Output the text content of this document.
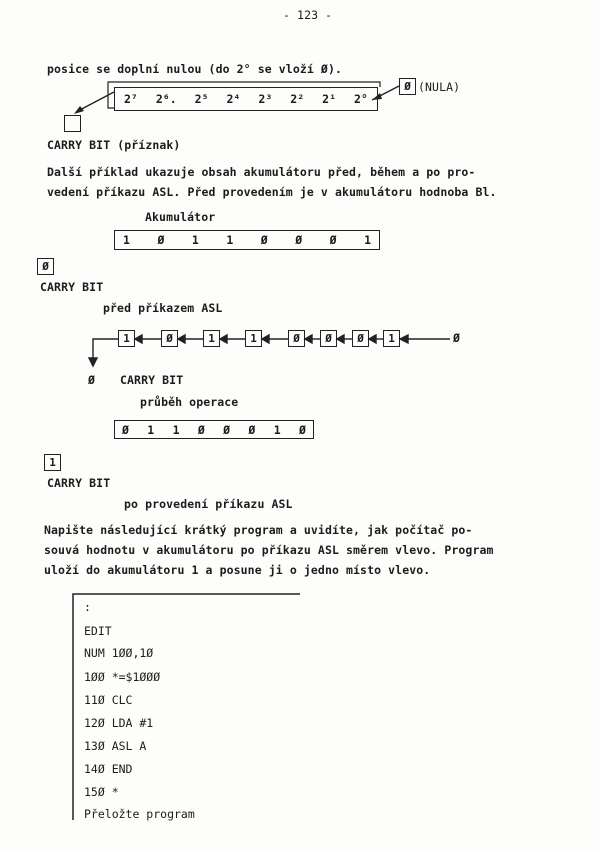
- 123 -
posice se doplní nulou (do 2° se vloží Ø).
2⁷ 2⁶. 2⁵ 2⁴ 2³ 2² 2¹ 2°
Ø (NULA)
CARRY BIT (příznak)
Další příklad ukazuje obsah akumulátoru před, během a po pro-
vedení příkazu ASL. Před provedením je v akumulátoru hodnoba Bl.
Akumulátor
1 Ø 1 1 Ø Ø Ø 1
Ø
CARRY BIT
před příkazem ASL
1	Ø	1	1	Ø	Ø	Ø	1	Ø
Ø CARRY BIT
průběh operace
Ø 1 1 Ø Ø Ø 1 Ø
1
CARRY BIT
po provedení příkazu ASL
Napište následující krátký program a uvidíte, jak počítač po-
souvá hodnotu v akumulátoru po příkazu ASL směrem vlevo. Program
uloží do akumulátoru 1 a posune ji o jedno místo vlevo.
:
EDIT
NUM 1ØØ,1Ø
1ØØ *=$1ØØØ
11Ø CLC
12Ø LDA #1
13Ø ASL A
14Ø END
15Ø *
Přeložte program
